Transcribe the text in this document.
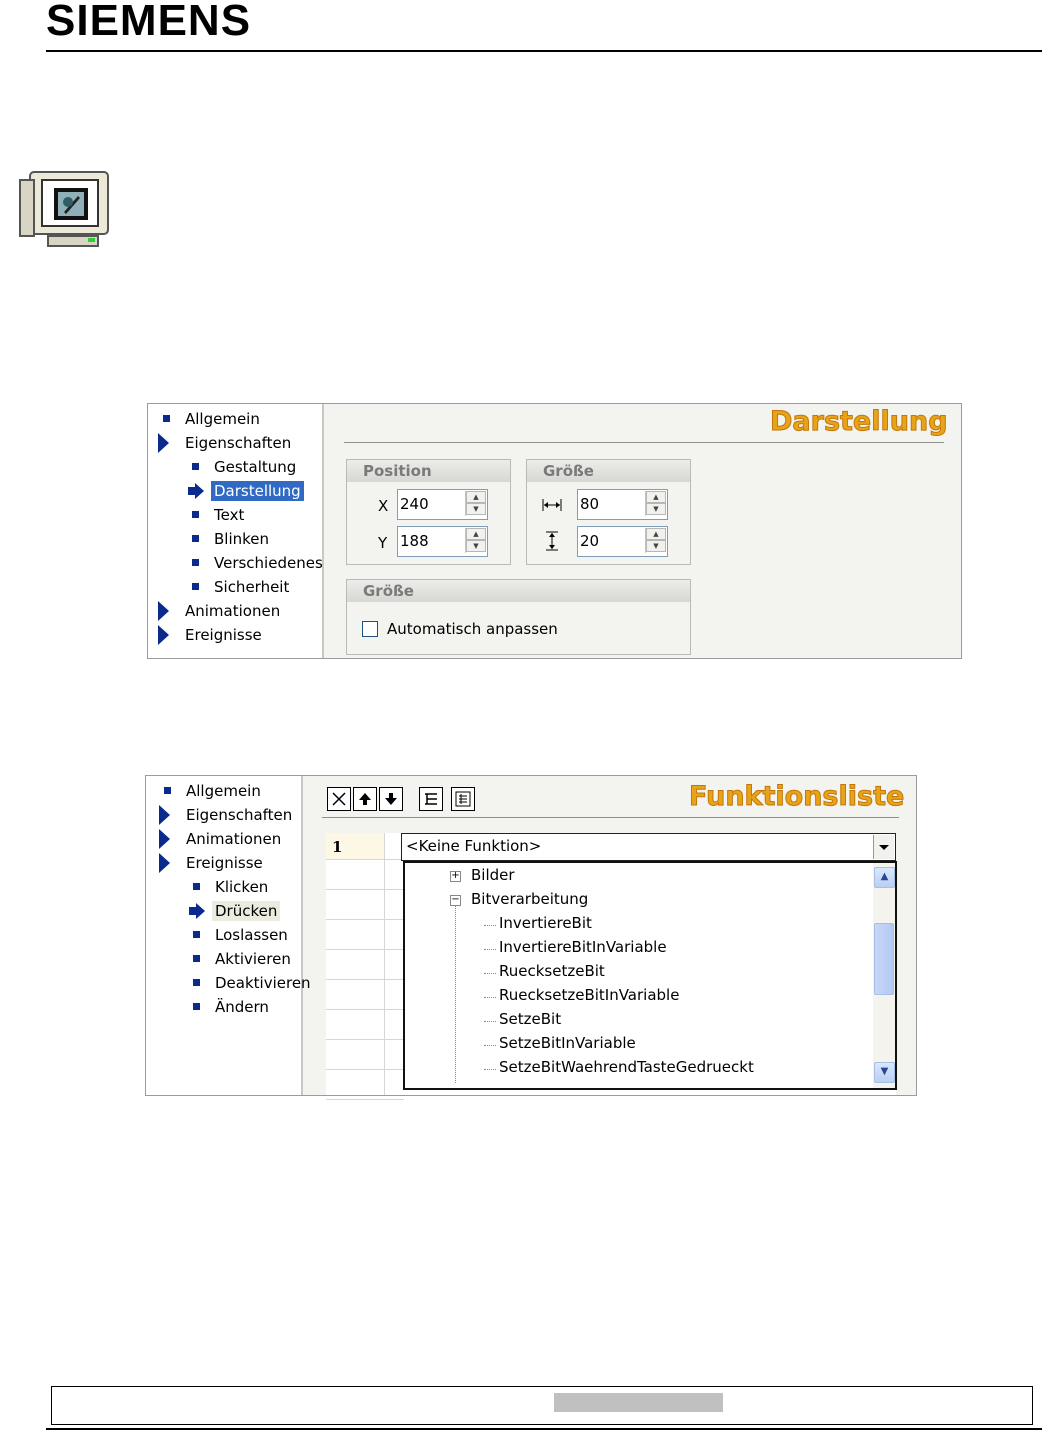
SIEMENS
Allgemein
Eigenschaften
Gestaltung
Darstellung
Text
Blinken
Verschiedenes
Sicherheit
Animationen
Ereignisse
Darstellung
Position
X 240	▲
▼
Y 188	▲
▼
Größe
80	▲
▼
20	▲
▼
Größe
Automatisch anpassen
Allgemein
Eigenschaften
Animationen
Ereignisse
Klicken
Drücken
Loslassen
Aktivieren
Deaktivieren
Ändern
Funktionsliste
1	<Keine Funktion>
+ Bilder
− Bitverarbeitung
InvertiereBit
InvertiereBitInVariable
RuecksetzeBit
RuecksetzeBitInVariable
SetzeBit
SetzeBitInVariable
SetzeBitWaehrendTasteGedrueckt
▲
▼
